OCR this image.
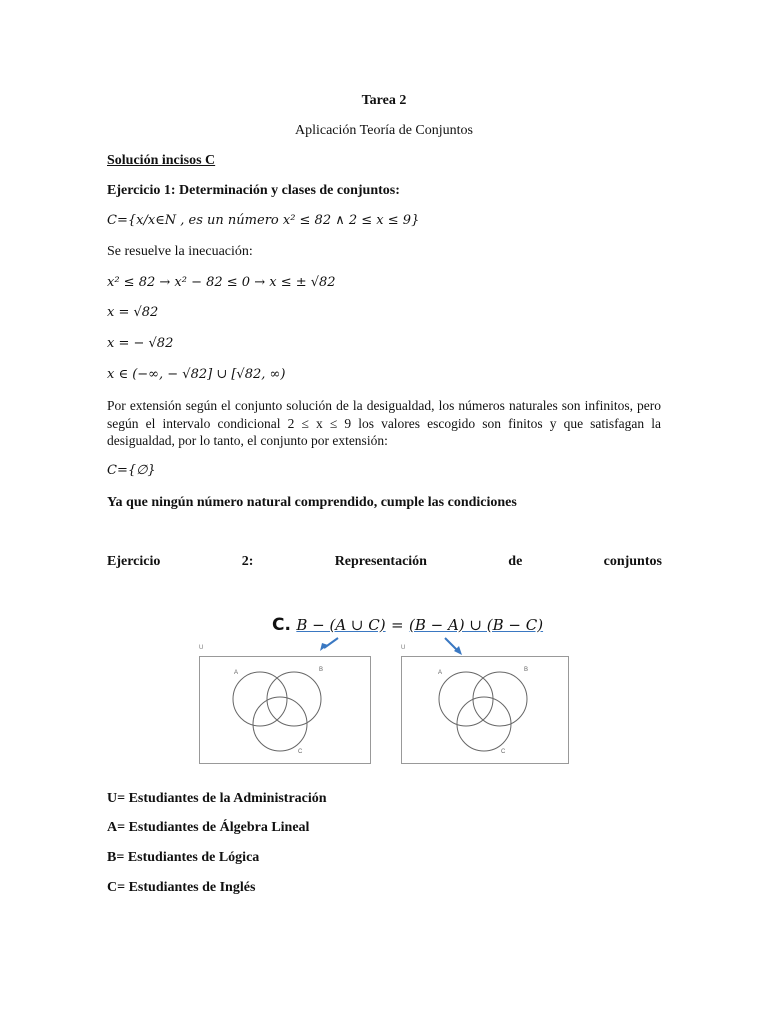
Tarea 2
Aplicación Teoría de Conjuntos
Solución incisos C
Ejercicio 1: Determinación y clases de conjuntos:
C={x/x∈N , es un número x² ≤ 82 ∧ 2 ≤ x ≤ 9}
Se resuelve la inecuación:
x² ≤ 82 → x² − 82 ≤ 0 → x ≤ ± √82
x = √82
x = − √82
x ∈ (−∞, − √82] ∪ [√82, ∞)
Por extensión según el conjunto solución de la desigualdad, los números naturales son infinitos, pero según el intervalo condicional 2 ≤ x ≤ 9 los valores escogido son finitos y que satisfagan la desigualdad, por lo tanto, el conjunto por extensión:
C={∅}
Ya que ningún número natural comprendido, cumple las condiciones
Ejercicio	2:	Representación	de	conjuntos
C. B − (A ∪ C) = (B − A) ∪ (B − C)
U
A	B
C
U
A	B
C
U= Estudiantes de la Administración
A= Estudiantes de Álgebra Lineal
B= Estudiantes de Lógica
C= Estudiantes de Inglés
